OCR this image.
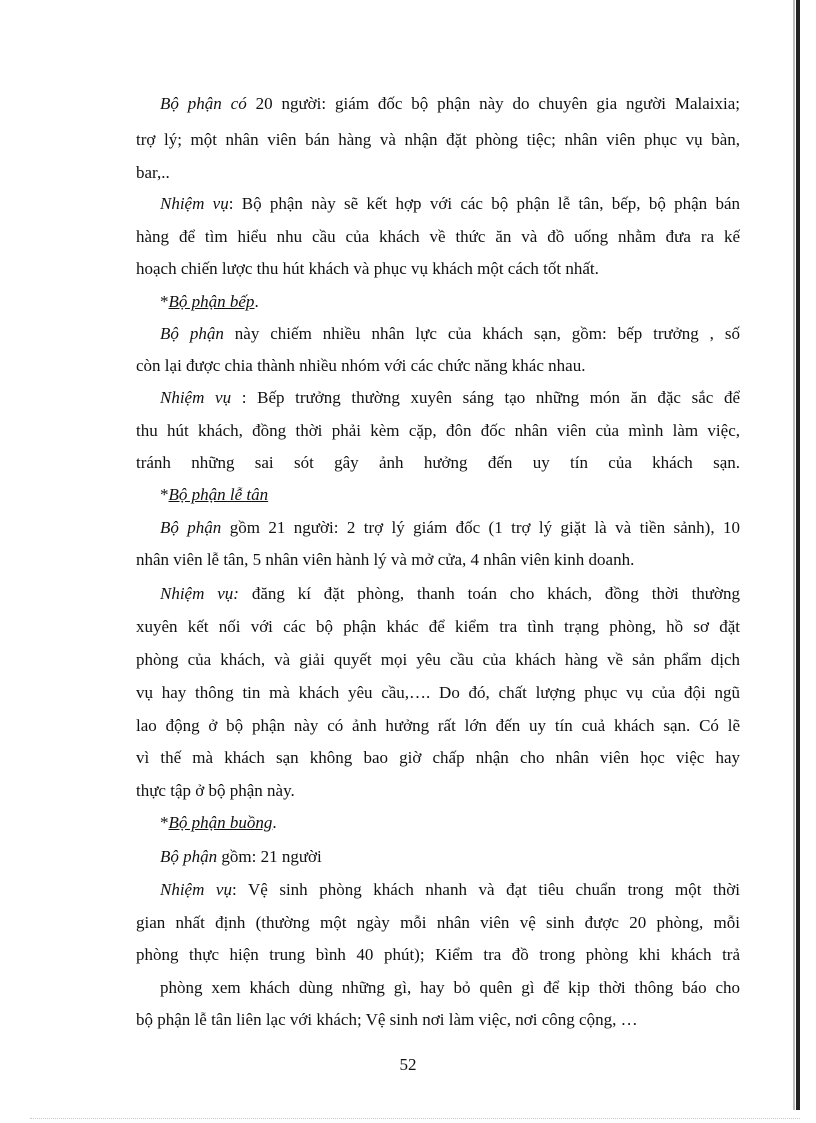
Bộ phận có 20 người: giám đốc bộ phận này do chuyên gia người Malaixia;
trợ lý; một nhân viên bán hàng và nhận đặt phòng tiệc; nhân viên phục vụ bàn,
bar,..
Nhiệm vụ: Bộ phận này sẽ kết hợp với các bộ phận lễ tân, bếp, bộ phận bán
hàng để tìm hiểu nhu cầu của khách về thức ăn và đồ uống nhằm đưa ra kế
hoạch chiến lược thu hút khách và phục vụ khách một cách tốt nhất.
*Bộ phận bếp.
Bộ phận này chiếm nhiều nhân lực của khách sạn, gồm: bếp trưởng , số
còn lại được chia thành nhiều nhóm với các chức năng khác nhau.
Nhiệm vụ : Bếp trưởng thường xuyên sáng tạo những món ăn đặc sắc để
thu hút khách, đồng thời phải kèm cặp, đôn đốc nhân viên của mình làm việc,
tránh những sai sót gây ảnh hưởng đến uy tín của khách sạn.
*Bộ phận lễ tân
Bộ phận gồm 21 người: 2 trợ lý giám đốc (1 trợ lý giặt là và tiền sảnh), 10
nhân viên lễ tân, 5 nhân viên hành lý và mở cửa, 4 nhân viên kinh doanh.
Nhiệm vụ: đăng kí đặt phòng, thanh toán cho khách, đồng thời thường
xuyên kết nối với các bộ phận khác để kiểm tra tình trạng phòng, hồ sơ đặt
phòng của khách, và giải quyết mọi yêu cầu của khách hàng về sản phẩm dịch
vụ hay thông tin mà khách yêu cầu,…. Do đó, chất lượng phục vụ của đội ngũ
lao động ở bộ phận này có ảnh hưởng rất lớn đến uy tín cuả khách sạn. Có lẽ
vì thế mà khách sạn không bao giờ chấp nhận cho nhân viên học việc hay
thực tập ở bộ phận này.
*Bộ phận buồng.
Bộ phận gồm: 21 người
Nhiệm vụ: Vệ sinh phòng khách nhanh và đạt tiêu chuẩn trong một thời
gian nhất định (thường một ngày mỗi nhân viên vệ sinh được 20 phòng, mỗi
phòng thực hiện trung bình 40 phút); Kiểm tra đồ trong phòng khi khách trả
phòng xem khách dùng những gì, hay bỏ quên gì để kịp thời thông báo cho
bộ phận lễ tân liên lạc với khách; Vệ sinh nơi làm việc, nơi công cộng, …
52
